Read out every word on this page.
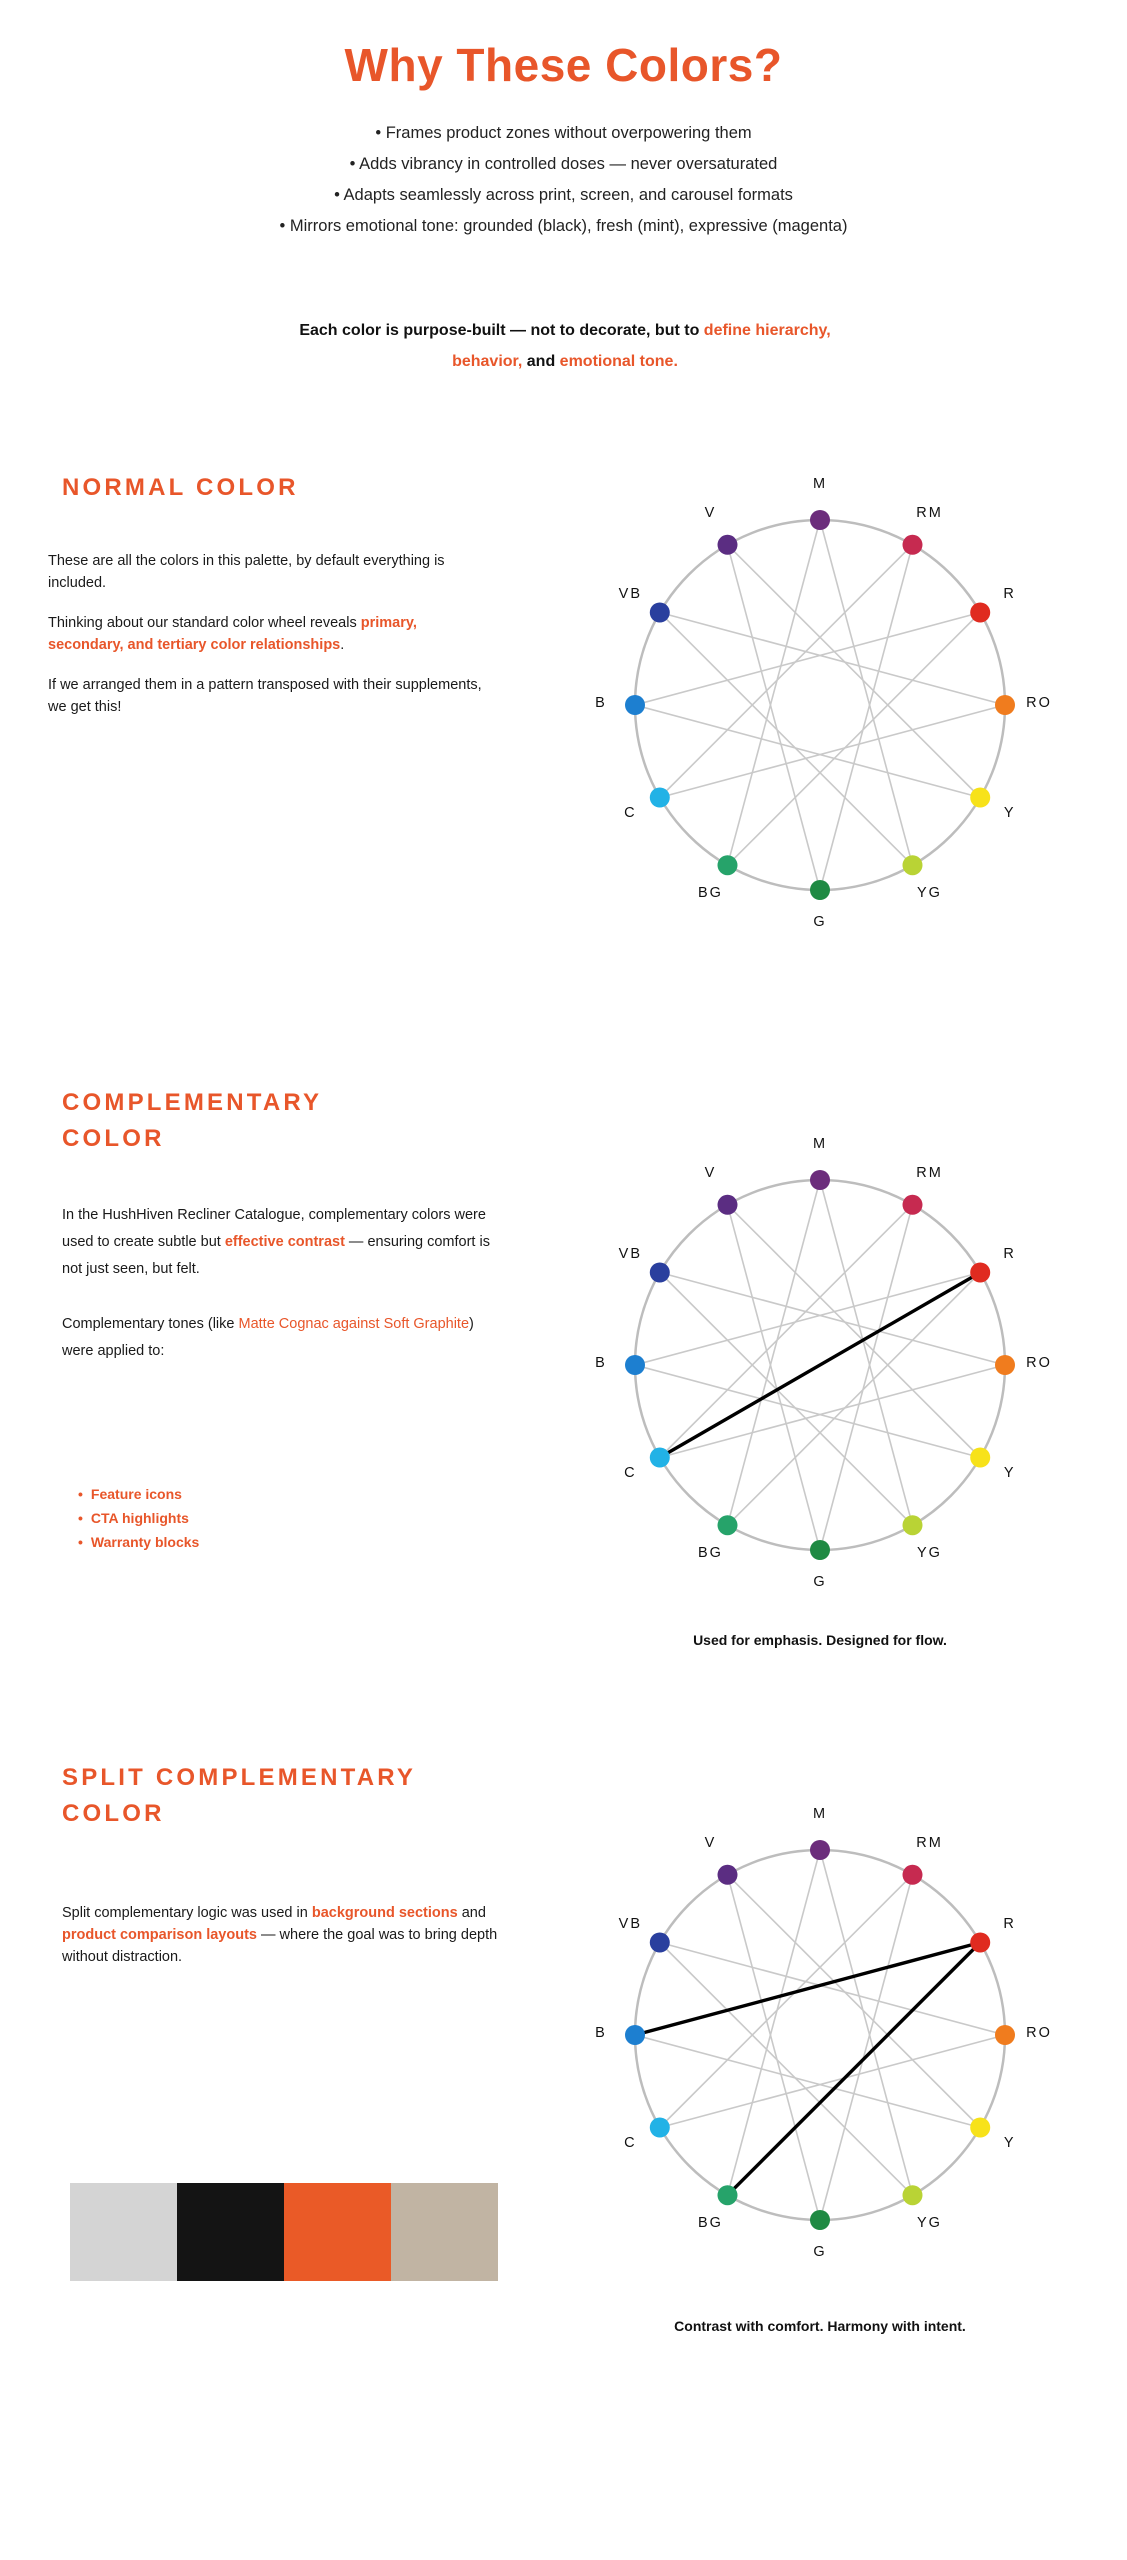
Why These Colors?
• Frames product zones without overpowering them
• Adds vibrancy in controlled doses — never oversaturated
• Adapts seamlessly across print, screen, and carousel formats
• Mirrors emotional tone: grounded (black), fresh (mint), expressive (magenta)
Each color is purpose-built — not to decorate, but to define hierarchy,
behavior, and emotional tone.
NORMAL COLOR

These are all the colors in this palette, by default everything is included.

Thinking about our standard color wheel reveals primary, secondary, and tertiary color relationships.

If we arranged them in a pattern transposed with their supplements, we get this!

M
RM
R
RO
Y
YG
G
BG
C
B
VB
V
COMPLEMENTARY
COLOR

In the HushHiven Recliner Catalogue, complementary colors were used to create subtle but effective contrast — ensuring comfort is not just seen, but felt.

Complementary tones (like Matte Cognac against Soft Graphite) were applied to:

• Feature icons
• CTA highlights
• Warranty blocks
M
RM
R
RO
Y
YG
G
BG
C
B
VB
V
Used for emphasis. Designed for flow.
SPLIT COMPLEMENTARY
COLOR

Split complementary logic was used in background sections and product comparison layouts — where the goal was to bring depth without distraction.

M
RM
R
RO
Y
YG
G
BG
C
B
VB
V
Contrast with comfort. Harmony with intent.
